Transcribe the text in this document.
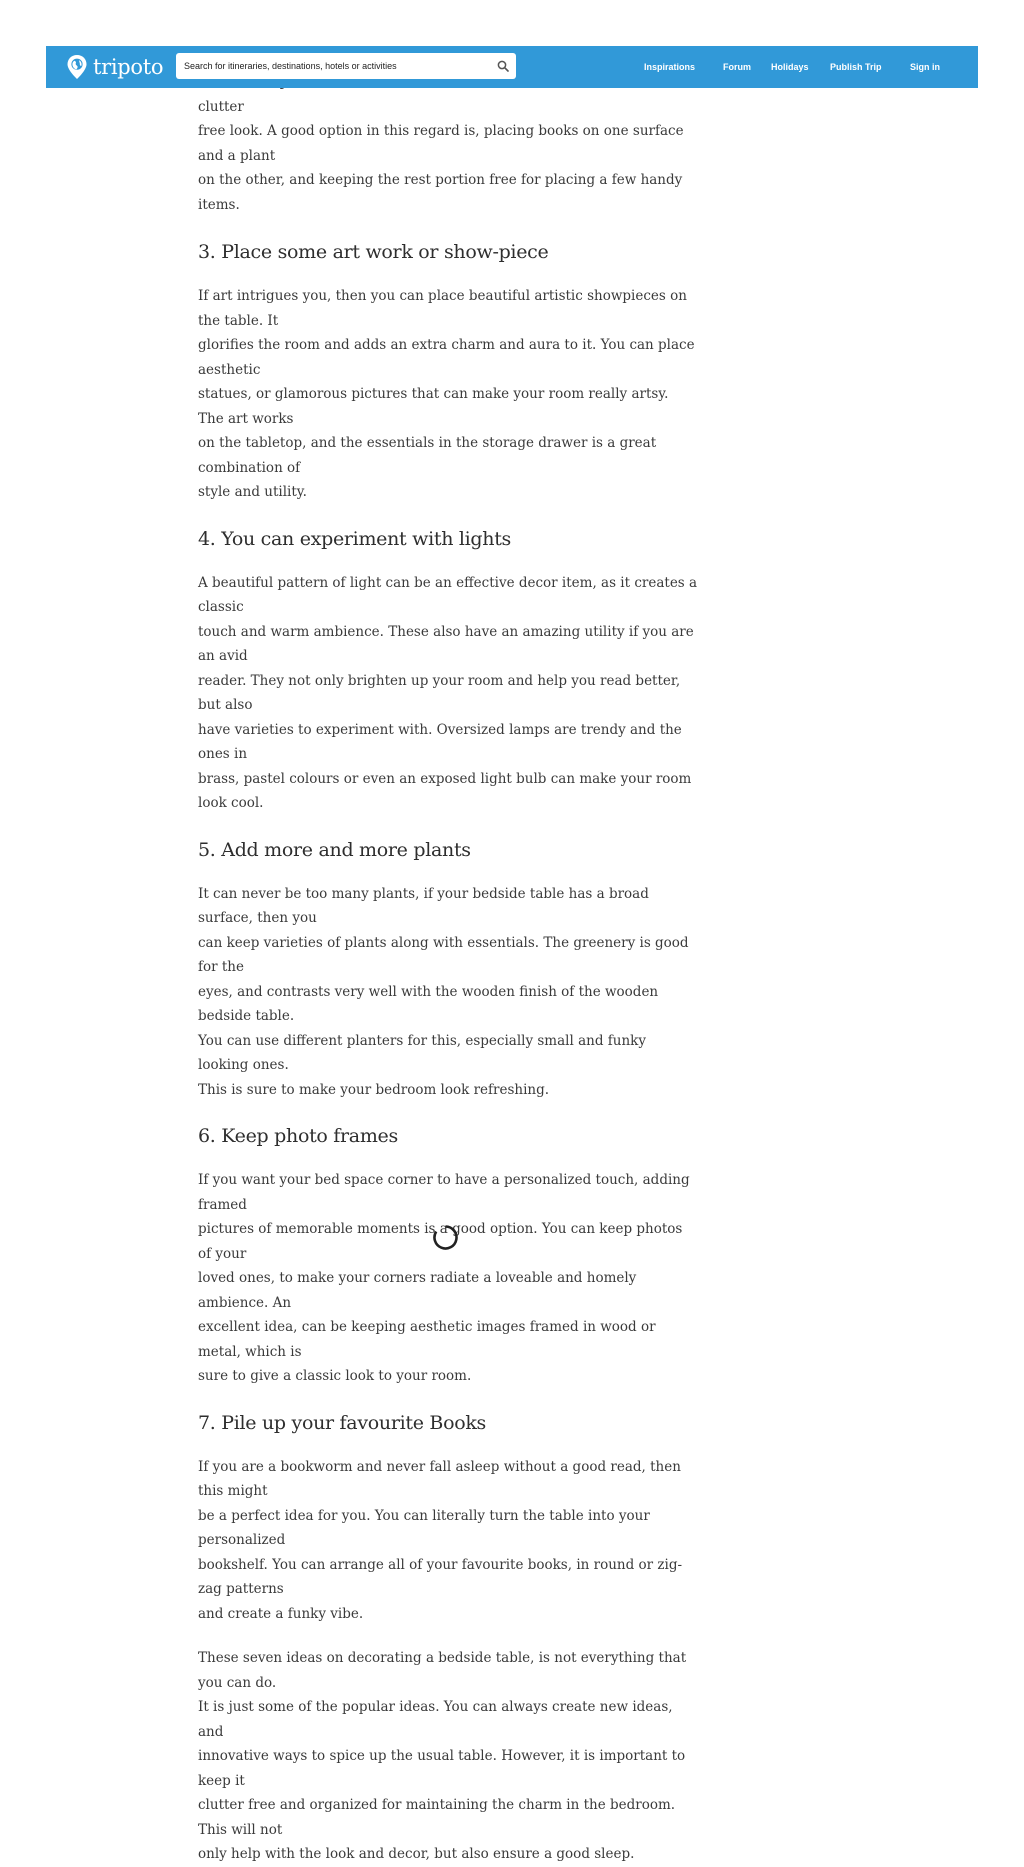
clutter

free look. A good option in this regard is, placing books on one surface and a plant

on the other, and keeping the rest portion free for placing a few handy items.

3. Place some art work or show-piece

If art intrigues you, then you can place beautiful artistic showpieces on the table. It

glorifies the room and adds an extra charm and aura to it. You can place aesthetic

statues, or glamorous pictures that can make your room really artsy. The art works

on the tabletop, and the essentials in the storage drawer is a great combination of

style and utility.

4. You can experiment with lights

A beautiful pattern of light can be an effective decor item, as it creates a classic

touch and warm ambience. These also have an amazing utility if you are an avid

reader. They not only brighten up your room and help you read better, but also

have varieties to experiment with. Oversized lamps are trendy and the ones in

brass, pastel colours or even an exposed light bulb can make your room look cool.

5. Add more and more plants

It can never be too many plants, if your bedside table has a broad surface, then you

can keep varieties of plants along with essentials. The greenery is good for the

eyes, and contrasts very well with the wooden finish of the wooden bedside table.

You can use different planters for this, especially small and funky looking ones.

This is sure to make your bedroom look refreshing.

6. Keep photo frames

If you want your bed space corner to have a personalized touch, adding framed

pictures of memorable moments is a good option. You can keep photos of your

loved ones, to make your corners radiate a loveable and homely ambience. An

excellent idea, can be keeping aesthetic images framed in wood or metal, which is

sure to give a classic look to your room.

7. Pile up your favourite Books

If you are a bookworm and never fall asleep without a good read, then this might

be a perfect idea for you. You can literally turn the table into your personalized

bookshelf. You can arrange all of your favourite books, in round or zig-zag patterns

and create a funky vibe.

These seven ideas on decorating a bedside table, is not everything that you can do.

It is just some of the popular ideas. You can always create new ideas, and

innovative ways to spice up the usual table. However, it is important to keep it

clutter free and organized for maintaining the charm in the bedroom. This will not

only help with the look and decor, but also ensure a good sleep.

tripoto
Search for itineraries, destinations, hotels or activities	Inspirations	Forum Holidays Publish Trip	Sign in
